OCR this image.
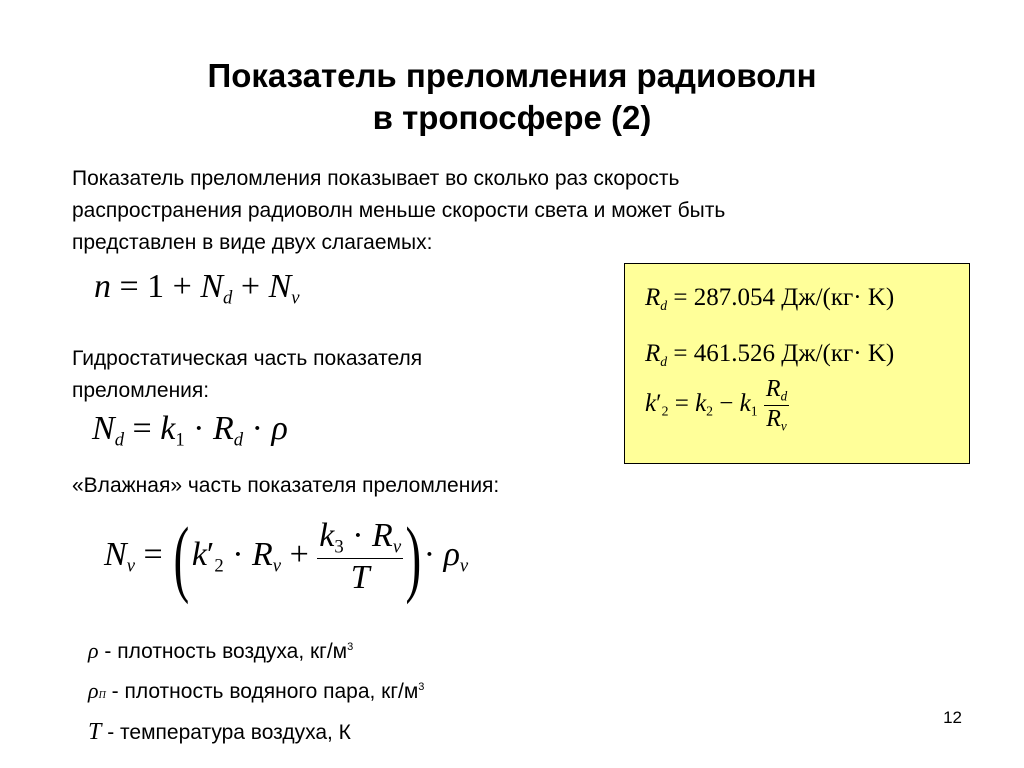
Показатель преломления радиоволн
в тропосфере (2)
Показатель преломления показывает во сколько раз скорость
распространения радиоволн меньше скорости света и может быть
представлен в виде двух слагаемых:
$n = 1 + N_d + N_v$	$R_d = 287.054$ Дж/(кг· K)
$R_d = 461.526$ Дж/(кг· K)
$k'2 = k2 - k1 \frac{R_d}{R_v}$
Гидростатическая часть показателя
преломления:
$N_d = k1 \cdot R_d \cdot \rho$
«Влажная» часть показателя преломления:
$N_v$ = ( $k'2 \cdot R_v + \frac{k3 \cdot R_v}{T}$ ) · $\rho_v$
ρ - плотность воздуха, $кг/м^3$
ρП - плотность водяного пара, $кг/м^3$
T - температура воздуха, К
12
